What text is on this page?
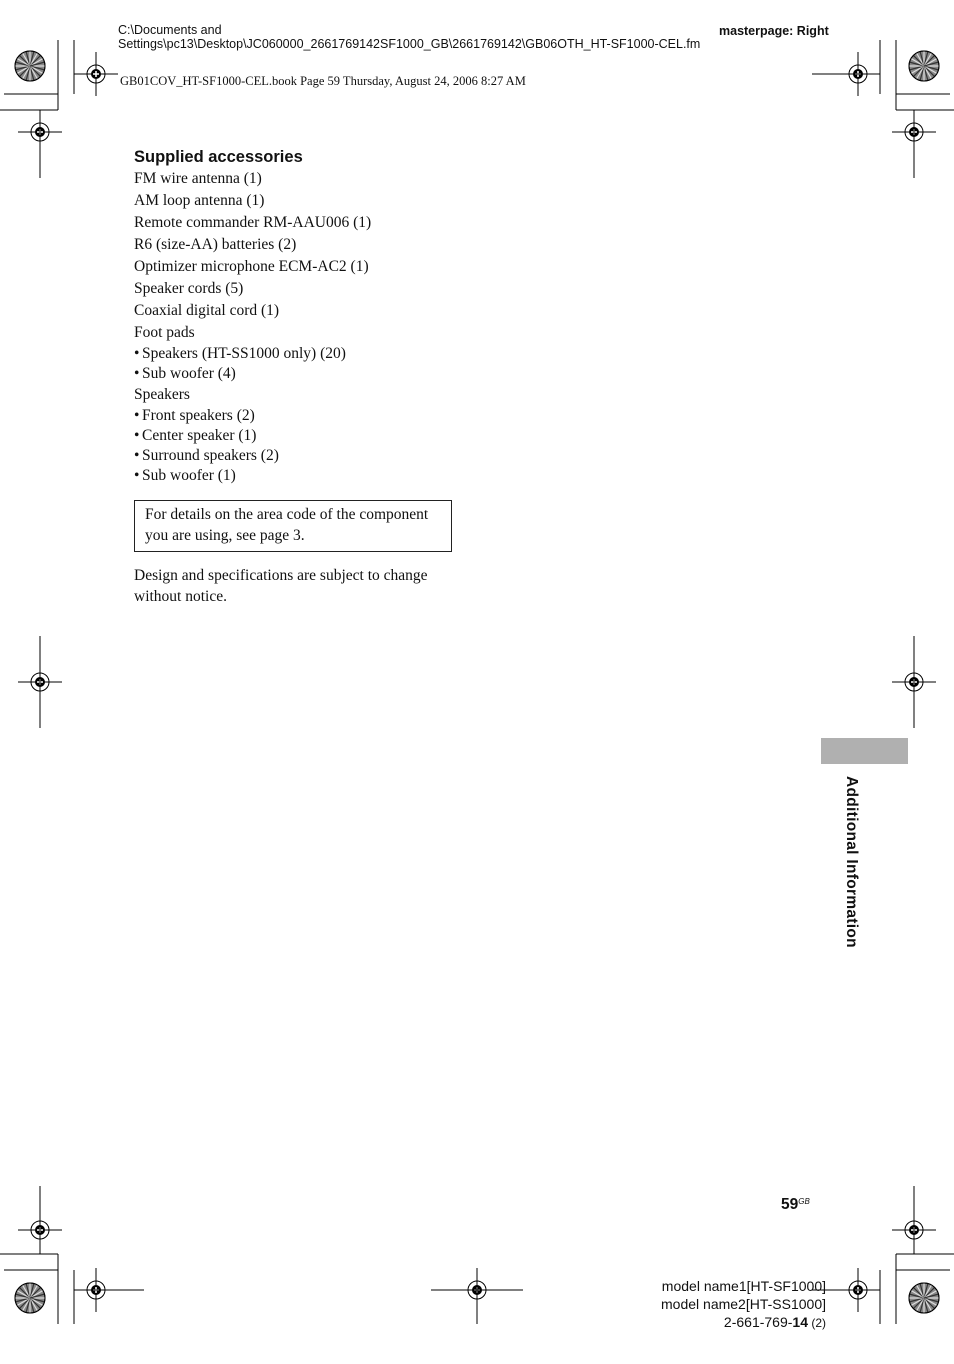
C:\Documents and Settings\pc13\Desktop\JC060000_2661769142SF1000_GB\2661769142\GB06OTH_HT-SF1000-CEL.fm
masterpage: Right
GB01COV_HT-SF1000-CEL.book Page 59 Thursday, August 24, 2006 8:27 AM
Supplied accessories
FM wire antenna (1)
AM loop antenna (1)
Remote commander RM-AAU006 (1)
R6 (size-AA) batteries (2)
Optimizer microphone ECM-AC2 (1)
Speaker cords (5)
Coaxial digital cord (1)
Foot pads
• Speakers (HT-SS1000 only) (20)
• Sub woofer (4)
Speakers
• Front speakers (2)
• Center speaker (1)
• Surround speakers (2)
• Sub woofer (1)
For details on the area code of the component you are using, see page 3.
Design and specifications are subject to change without notice.
Additional Information
$59^{GB}$
model name1[HT-SF1000]
model name2[HT-SS1000]
2-661-769-14 (2)
